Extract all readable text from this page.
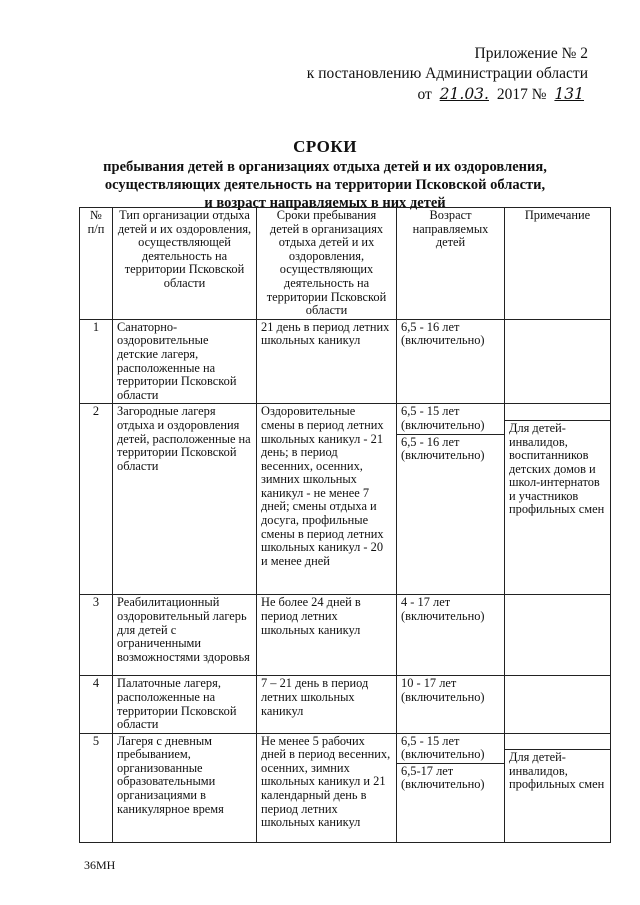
Приложение № 2
к постановлению Администрации области
от 21.03. 2017 № 131
СРОКИ
пребывания детей в организациях отдыха детей и их оздоровления,
осуществляющих деятельность на территории Псковской области,
и возраст направляемых в них детей
№ п/п	Тип организации отдыха детей и их оздоровления, осуществляющей деятельность на территории Псковской области	Сроки пребывания детей в организациях отдыха детей и их оздоровления, осуществляющих деятельность на территории Псковской области	Возраст направляемых детей	Примечание
1	Санаторно-оздоровительные детские лагеря, расположенные на территории Псковской области	21 день в период летних школьных каникул	6,5 - 16 лет (включительно)	
2	Загородные лагеря отдыха и оздоровления детей, расположенные на территории Псковской области	Оздоровительные смены в период летних школьных каникул - 21 день; в период весенних, осенних, зимних школьных каникул - не менее 7 дней; смены отдыха и досуга, профильные смены в период летних школьных каникул - 20 и менее дней	6,5 - 15 лет (включительно)
6,5 - 16 лет (включительно)	Для детей-инвалидов, воспитанников детских домов и школ-интернатов и участников профильных смен

3	Реабилитационный оздоровительный лагерь для детей с ограниченными возможностями здоровья	Не более 24 дней в период летних школьных каникул	4 - 17 лет (включительно)	
4	Палаточные лагеря, расположенные на территории Псковской области	7 – 21 день в период летних школьных каникул	10 - 17 лет (включительно)	
5	Лагеря с дневным пребыванием, организованные образовательными организациями в каникулярное время	Не менее 5 рабочих дней в период весенних, осенних, зимних школьных каникул и 21 календарный день в период летних школьных каникул	6,5 - 15 лет (включительно)
6,5-17 лет (включительно)	Для детей-инвалидов, профильных смен
36МН
